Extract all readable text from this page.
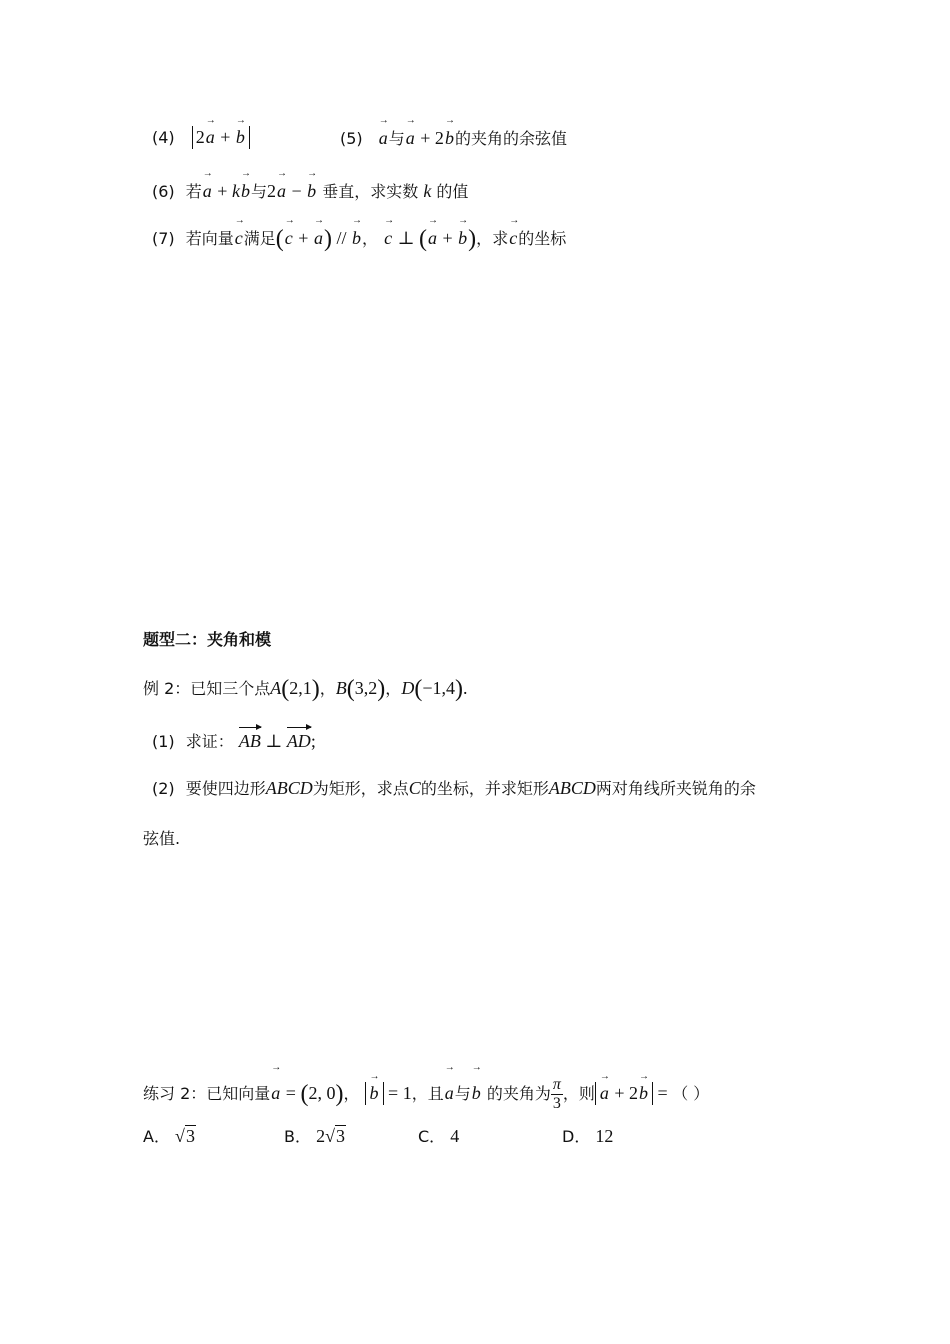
(4) 2a → + b →	(5) a →与a → + 2b →的夹角的余弦值
(6) 若a → + kb →与2a → − b → 垂直，求实数 k 的值
(7) 若向量c →满足(c → + a →) // b →， c → ⊥ (a → + b →)，求c →的坐标
题型二：夹角和模
例 2：已知三个点A(2,1)，B(3,2)，D(−1,4).
(1) 求证： AB ⊥ AD;
(2) 要使四边形ABCD为矩形，求点C的坐标，并求矩形ABCD两对角线所夹锐角的余
弦值.
练习 2：已知向量a → = (2, 0)， b → = 1，且a →与b → 的夹角为 $\frac{\pi}{3}$ ，则 a → + 2b → = （ ）
A． √3	B． 2√3	C． 4	D． 12
